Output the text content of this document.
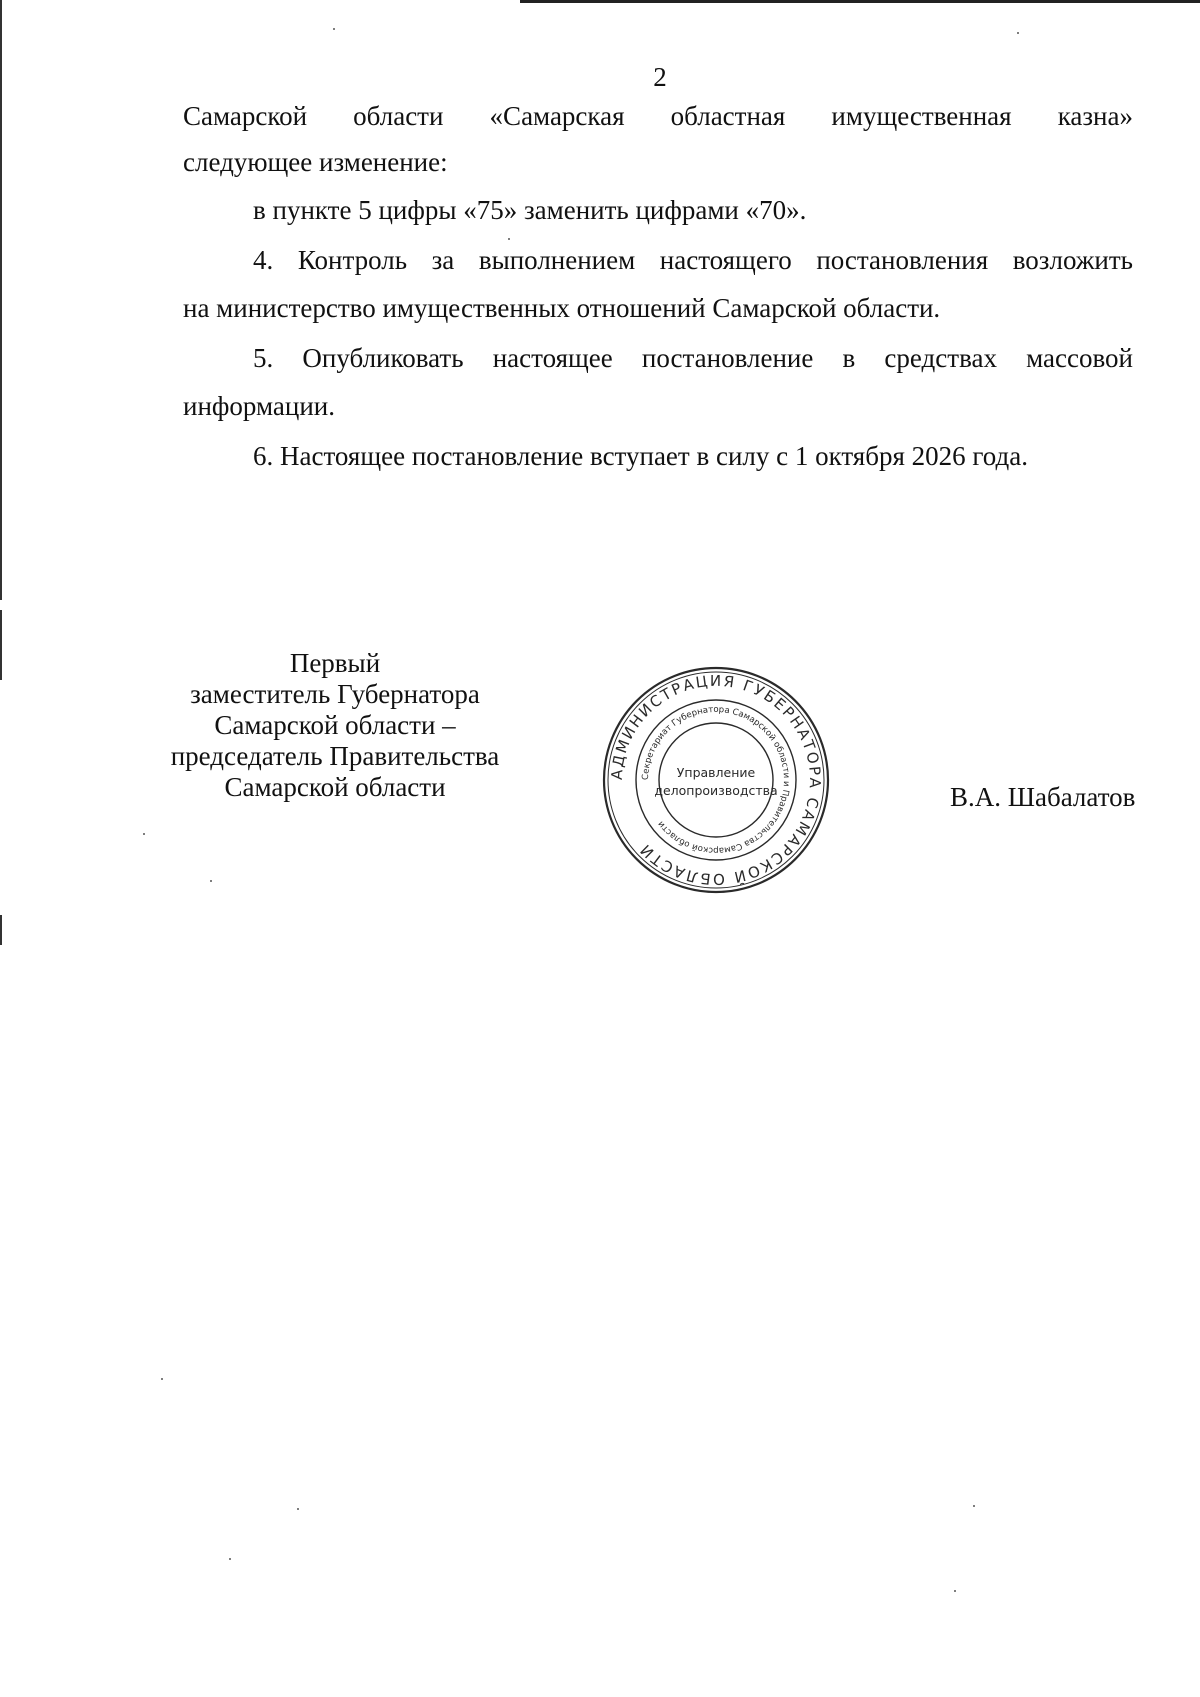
2

Самарской области «Самарская областная имущественная казна»

следующее изменение:

в пункте 5 цифры «75» заменить цифрами «70».

4. Контроль за выполнением настоящего постановления возложить

на министерство имущественных отношений Самарской области.

5. Опубликовать настоящее постановление в средствах массовой

информации.

6. Настоящее постановление вступает в силу с 1 октября 2026 года.

Первый
заместитель Губернатора
Самарской области –
председатель Правительства
Самарской области	АДМИНИСТРАЦИЯ ГУБЕРНАТОРА САМАРСКОЙ ОБЛАСТИ
Секретариат Губернатора Самарской области и Правительства Самарской области
Управление
делопроизводства	В.А. Шабалатов
